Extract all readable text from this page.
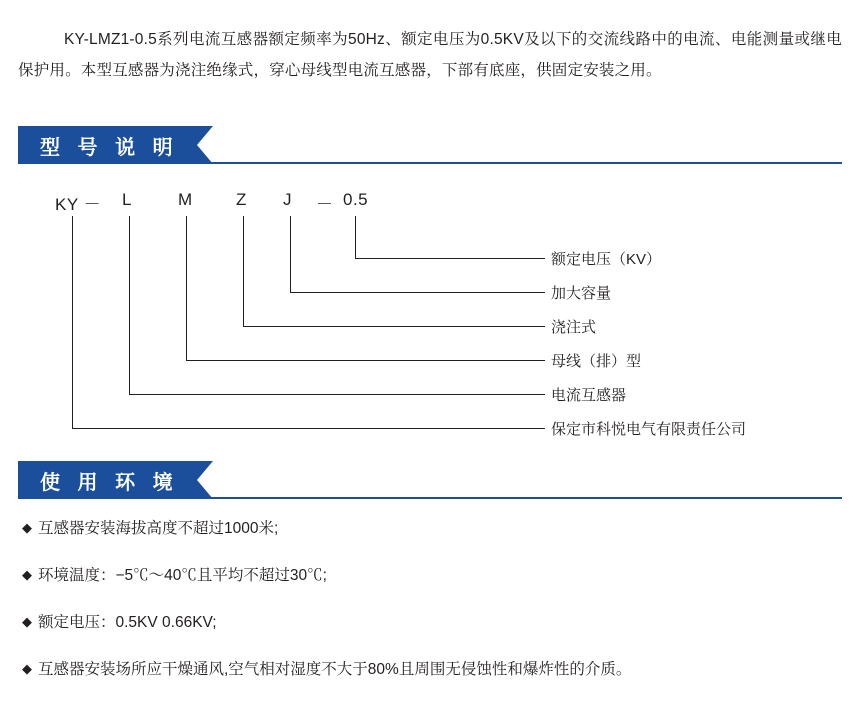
KY-LMZ1-0.5系列电流互感器额定频率为50Hz、额定电压为0.5KV及以下的交流线路中的电流、电能测量或继电保护用。本型互感器为浇注绝缘式，穿心母线型电流互感器，下部有底座，供固定安装之用。
型 号 说 明
KY － L	M	Z J － 0.5
额定电压（KV）
加大容量
浇注式
母线（排）型
电流互感器
保定市科悦电气有限责任公司
使 用 环 境
◆ 互感器安装海拔高度不超过1000米;
◆ 环境温度：−5℃～40℃且平均不超过30℃;
◆ 额定电压：0.5KV 0.66KV;
◆ 互感器安装场所应干燥通风,空气相对湿度不大于80%且周围无侵蚀性和爆炸性的介质。
